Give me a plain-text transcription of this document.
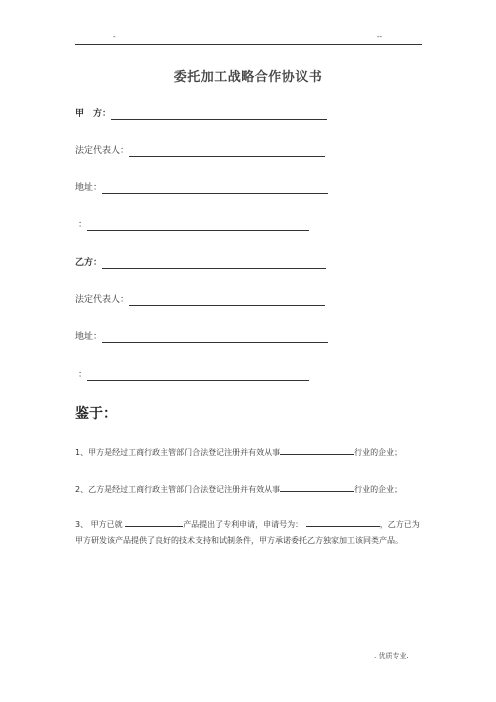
-	--
委托加工战略合作协议书
甲　方：
法定代表人：
地址：
：
乙方：
法定代表人：
地址：
：
鉴于：
1、甲方是经过工商行政主管部门合法登记注册并有效从事	行业的企业；
2、乙方是经过工商行政主管部门合法登记注册并有效从事	行业的企业；
3、 甲方已就	产品提出了专利申请，申请号为：	，乙方已为甲方研发该产品提供了良好的技术支持和试制条件，甲方承诺委托乙方独家加工该同类产品。
. 优质专业.
